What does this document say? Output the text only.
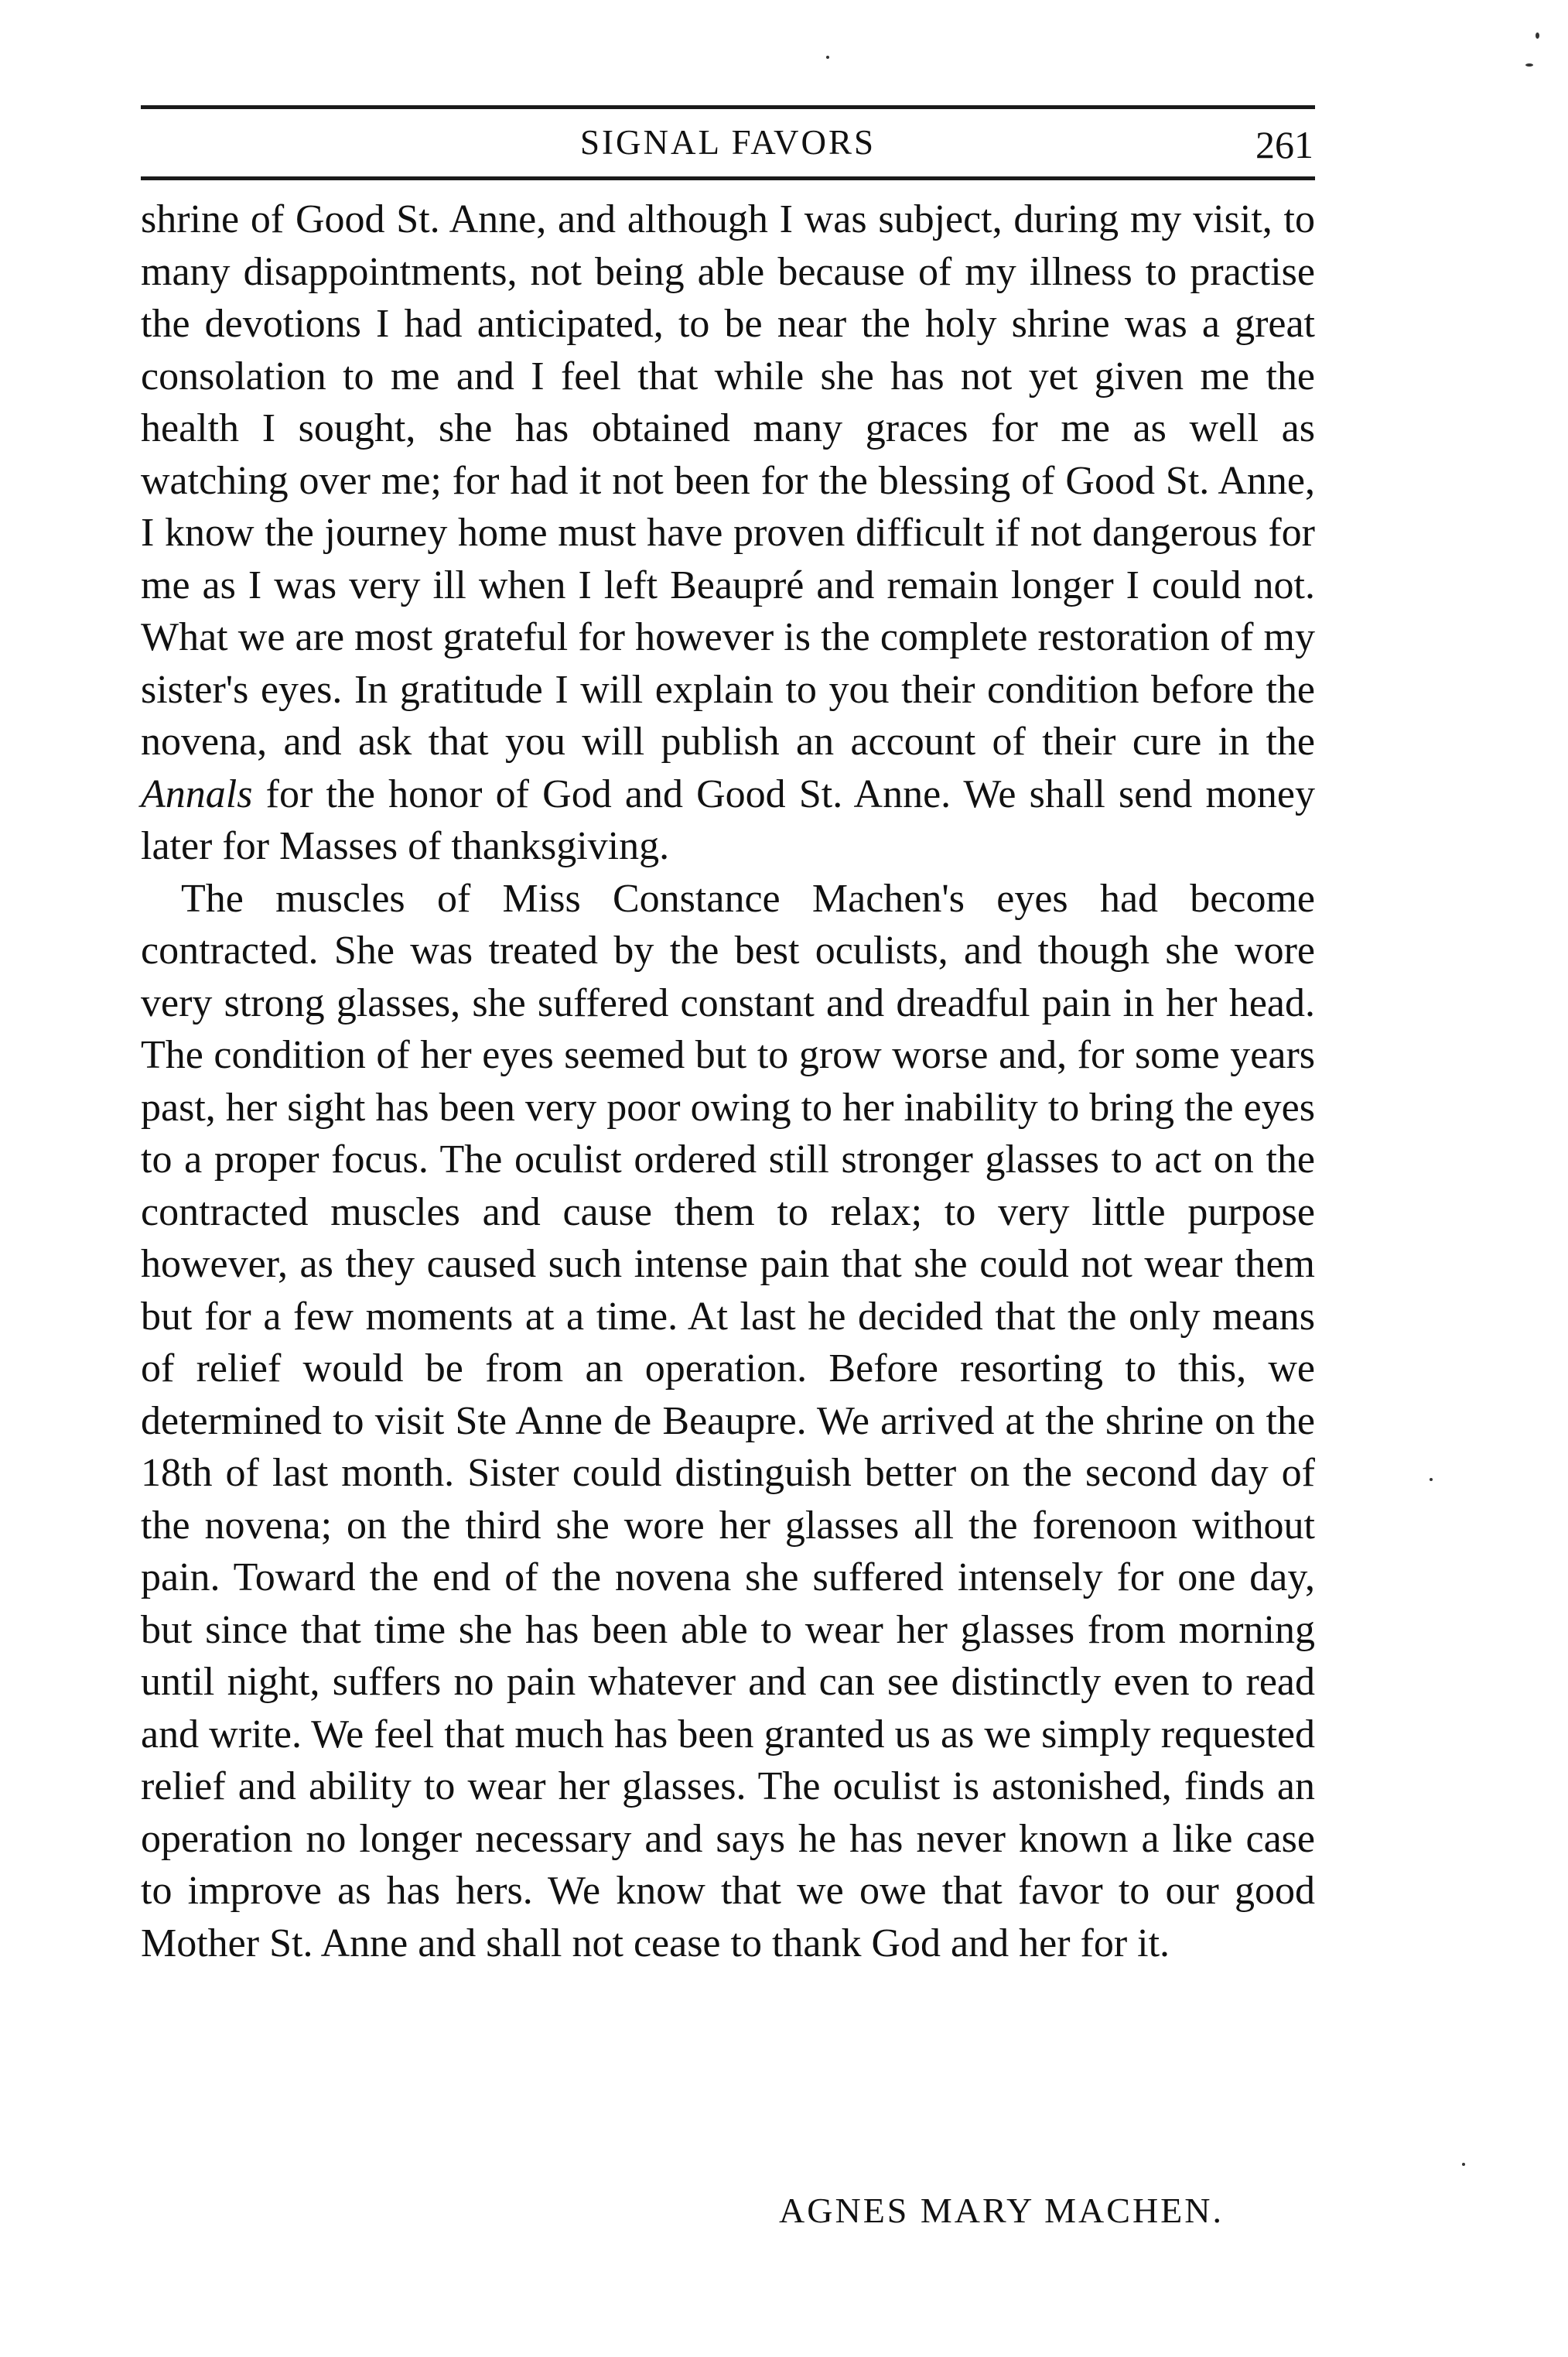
SIGNAL FAVORS	261

shrine of Good St. Anne, and although I was subject, during my visit, to many disappointments, not being able because of my illness to practise the devotions I had anticipated, to be near the holy shrine was a great consolation to me and I feel that while she has not yet given me the health I sought, she has obtained many graces for me as well as watching over me; for had it not been for the blessing of Good St. Anne, I know the journey home must have proven difficult if not dangerous for me as I was very ill when I left Beaupré and remain longer I could not. What we are most grateful for however is the complete restoration of my sister's eyes. In gratitude I will explain to you their condition before the novena, and ask that you will publish an account of their cure in the Annals for the honor of God and Good St. Anne. We shall send money later for Masses of thanksgiving.

The muscles of Miss Constance Machen's eyes had become contracted. She was treated by the best oculists, and though she wore very strong glasses, she suffered constant and dreadful pain in her head. The condition of her eyes seemed but to grow worse and, for some years past, her sight has been very poor owing to her inability to bring the eyes to a proper focus. The oculist ordered still stronger glasses to act on the contracted muscles and cause them to relax; to very little purpose however, as they caused such intense pain that she could not wear them but for a few moments at a time. At last he decided that the only means of relief would be from an operation. Before resorting to this, we determined to visit Ste Anne de Beaupre. We arrived at the shrine on the 18th of last month. Sister could distinguish better on the second day of the novena; on the third she wore her glasses all the forenoon without pain. Toward the end of the novena she suffered intensely for one day, but since that time she has been able to wear her glasses from morning until night, suffers no pain whatever and can see distinctly even to read and write. We feel that much has been granted us as we simply requested relief and ability to wear her glasses. The oculist is astonished, finds an operation no longer necessary and says he has never known a like case to improve as has hers. We know that we owe that favor to our good Mother St. Anne and shall not cease to thank God and her for it.

AGNES MARY MACHEN.
